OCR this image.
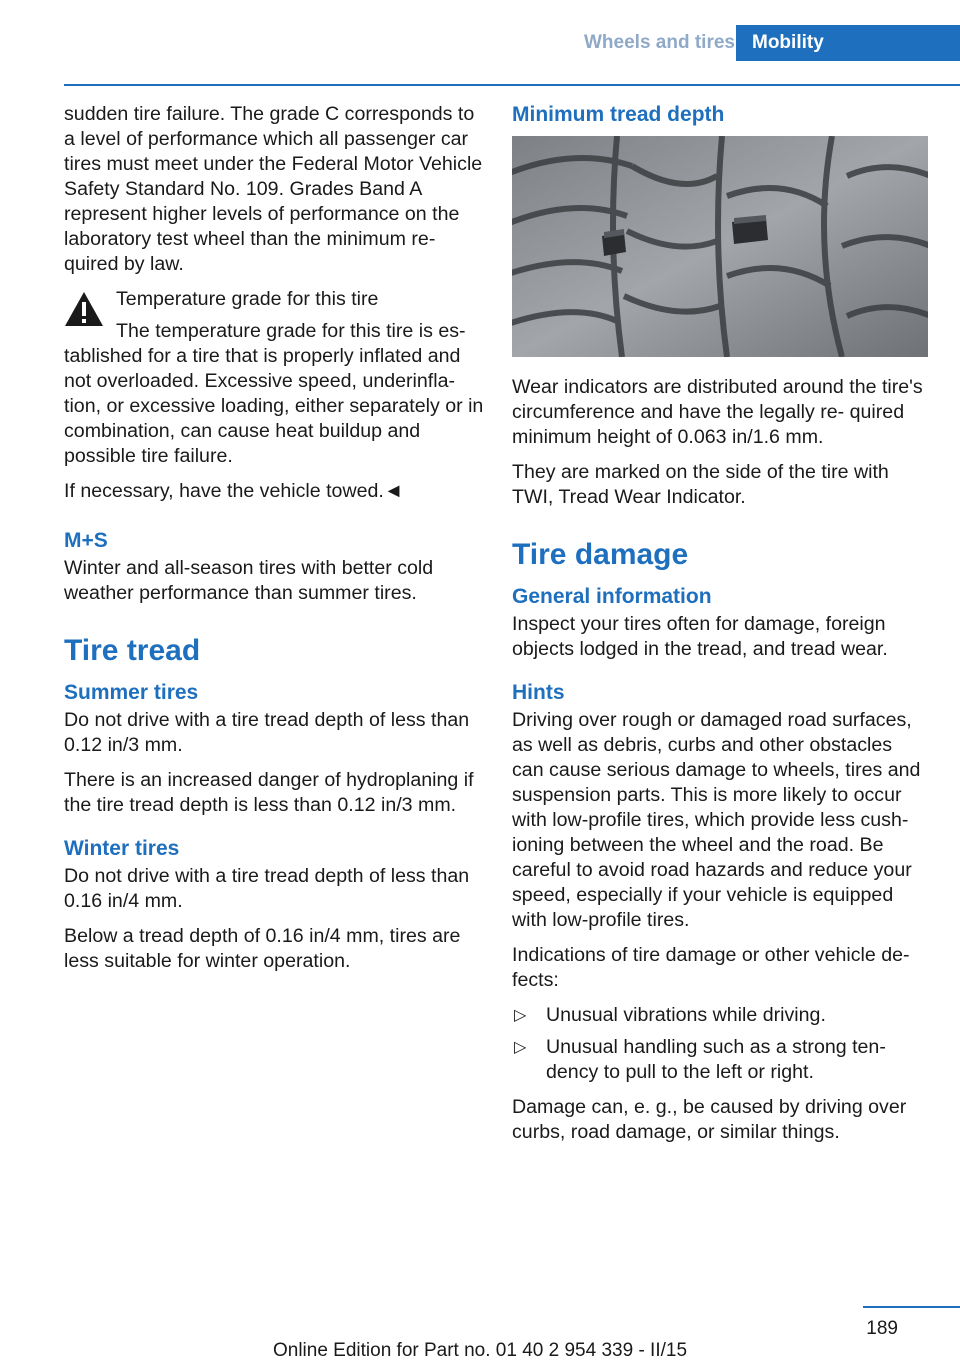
Wheels and tires Mobility

sudden tire failure. The grade C corresponds to a level of performance which all passenger car tires must meet under the Federal Motor Vehicle Safety Standard No. 109. Grades Band A represent higher levels of performance on the laboratory test wheel than the minimum re‐ quired by law.

Temperature grade for this tire

The temperature grade for this tire is es‐ tablished for a tire that is properly inflated and not overloaded. Excessive speed, underinfla‐ tion, or excessive loading, either separately or in combination, can cause heat buildup and possible tire failure.

If necessary, have the vehicle towed.◄

M+S

Winter and all-season tires with better cold weather performance than summer tires.

Tire tread
Summer tires

Do not drive with a tire tread depth of less than 0.12 in/3 mm.

There is an increased danger of hydroplaning if the tire tread depth is less than 0.12 in/3 mm.

Winter tires

Do not drive with a tire tread depth of less than 0.16 in/4 mm.

Below a tread depth of 0.16 in/4 mm, tires are less suitable for winter operation.

Minimum tread depth

Wear indicators are distributed around the tire's circumference and have the legally re‐ quired minimum height of 0.063 in/1.6 mm.

They are marked on the side of the tire with TWI, Tread Wear Indicator.

Tire damage
General information

Inspect your tires often for damage, foreign objects lodged in the tread, and tread wear.

Hints

Driving over rough or damaged road surfaces, as well as debris, curbs and other obstacles can cause serious damage to wheels, tires and suspension parts. This is more likely to occur with low-profile tires, which provide less cush‐ ioning between the wheel and the road. Be careful to avoid road hazards and reduce your speed, especially if your vehicle is equipped with low-profile tires.

Indications of tire damage or other vehicle de‐ fects:

▷ Unusual vibrations while driving.
▷ Unusual handling such as a strong ten‐ dency to pull to the left or right.

Damage can, e. g., be caused by driving over curbs, road damage, or similar things.

189
Online Edition for Part no. 01 40 2 954 339 - II/15
